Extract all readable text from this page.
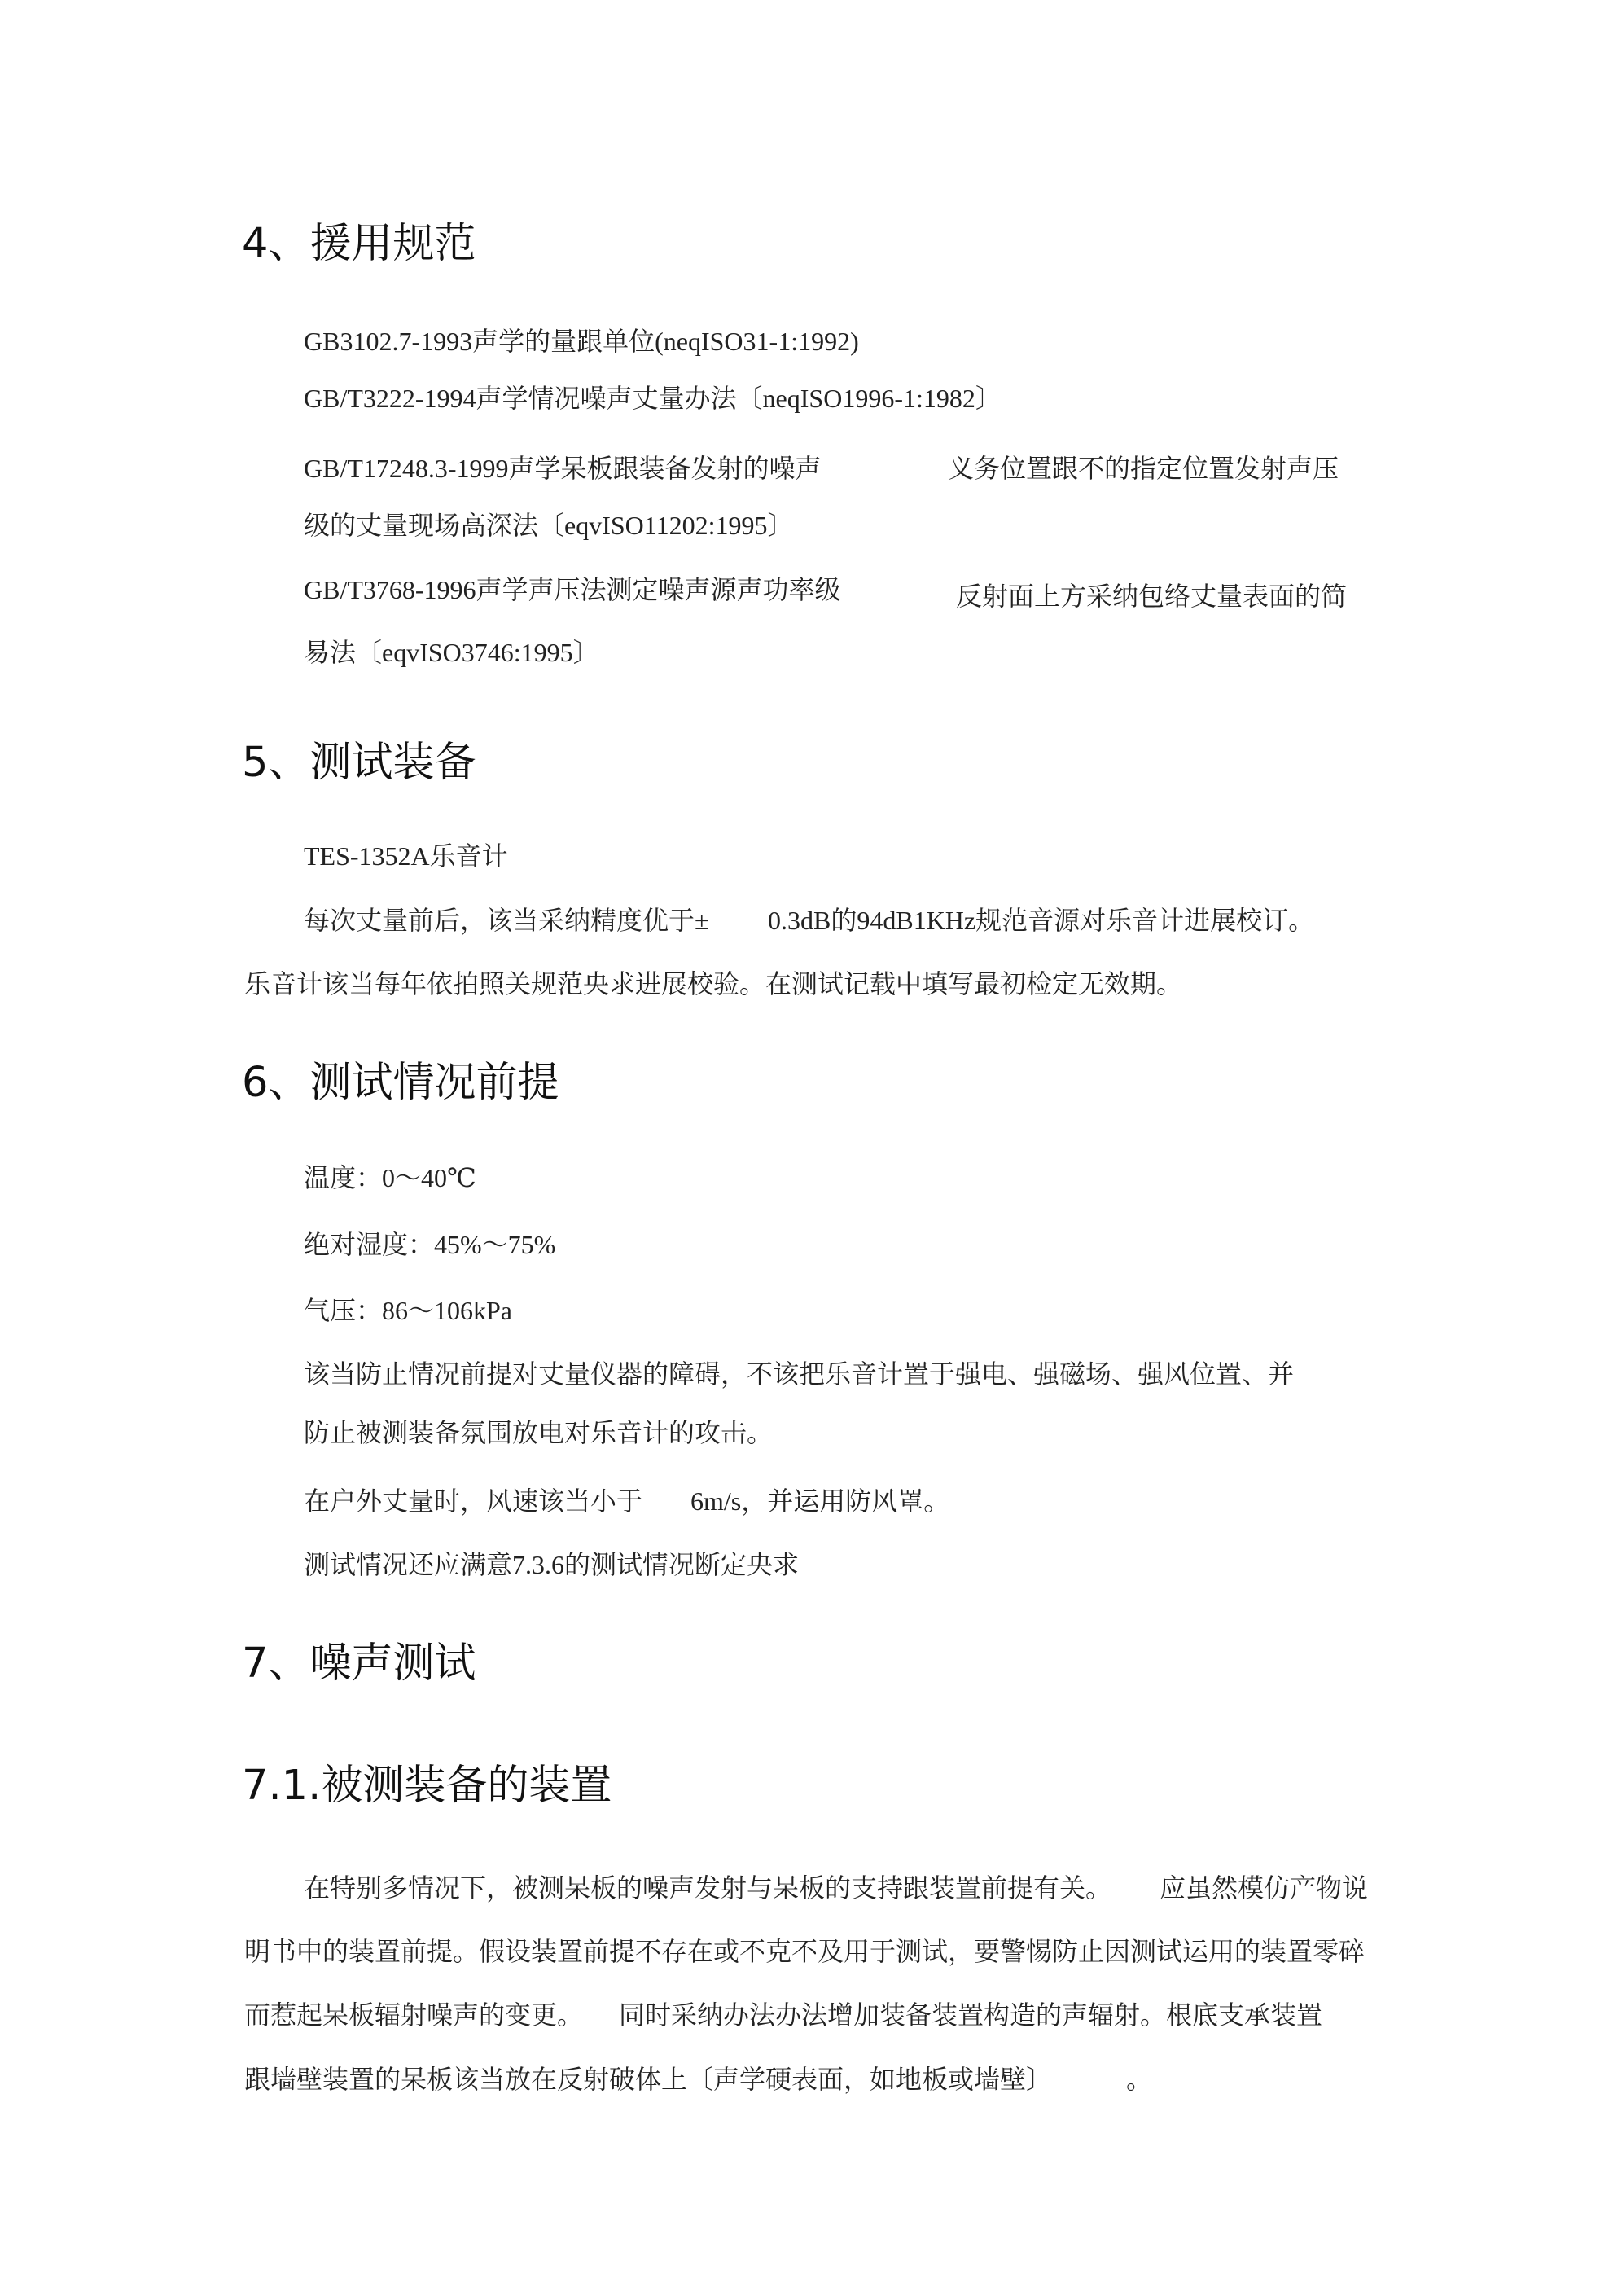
4、援用规范

GB3102.7-1993声学的量跟单位(neqISO31-1:1992)

GB/T3222-1994声学情况噪声丈量办法〔neqISO1996-1:1982〕

GB/T17248.3-1999声学呆板跟装备发射的噪声	义务位置跟不的指定位置发射声压

级的丈量现场高深法〔eqvISO11202:1995〕

GB/T3768-1996声学声压法测定噪声源声功率级	反射面上方采纳包络丈量表面的简

易法〔eqvISO3746:1995〕

5、测试装备

TES-1352A乐音计

每次丈量前后，该当采纳精度优于± 0.3dB的94dB1KHz规范音源对乐音计进展校订。

乐音计该当每年依拍照关规范央求进展校验。在测试记载中填写最初检定无效期。

6、测试情况前提

温度：0～40℃

绝对湿度：45%～75%

气压：86～106kPa

该当防止情况前提对丈量仪器的障碍，不该把乐音计置于强电、强磁场、强风位置、并

防止被测装备氛围放电对乐音计的攻击。

在户外丈量时，风速该当小于 6m/s，并运用防风罩。

测试情况还应满意7.3.6的测试情况断定央求

7、噪声测试
7.1.被测装备的装置

在特别多情况下，被测呆板的噪声发射与呆板的支持跟装置前提有关。 应虽然模仿产物说

明书中的装置前提。假设装置前提不存在或不克不及用于测试，要警惕防止因测试运用的装置零碎

而惹起呆板辐射噪声的变更。 同时采纳办法办法增加装备装置构造的声辐射。根底支承装置

跟墙壁装置的呆板该当放在反射破体上〔声学硬表面，如地板或墙壁〕	。
